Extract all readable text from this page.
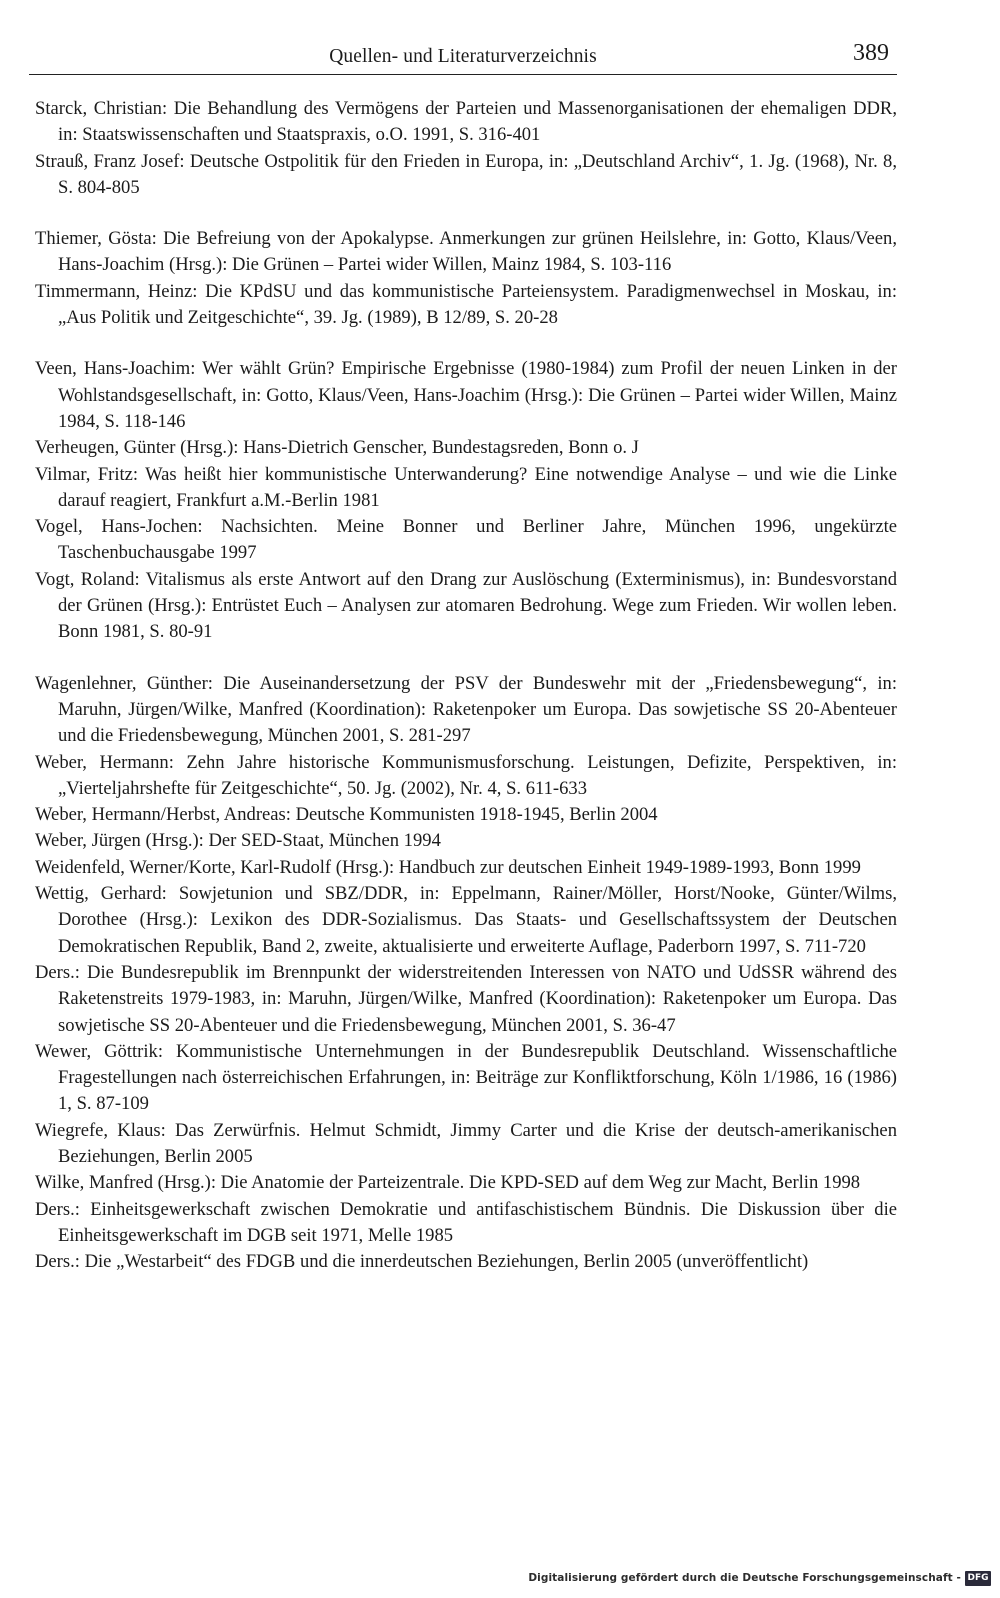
Quellen- und Literaturverzeichnis	389

Starck, Christian: Die Behandlung des Vermögens der Parteien und Massenorganisationen der ehemaligen DDR, in: Staatswissenschaften und Staatspraxis, o.O. 1991, S. 316-401

Strauß, Franz Josef: Deutsche Ostpolitik für den Frieden in Europa, in: „Deutschland Archiv“, 1. Jg. (1968), Nr. 8, S. 804-805

Thiemer, Gösta: Die Befreiung von der Apokalypse. Anmerkungen zur grünen Heilslehre, in: Gotto, Klaus/Veen, Hans-Joachim (Hrsg.): Die Grünen – Partei wider Willen, Mainz 1984, S. 103-116

Timmermann, Heinz: Die KPdSU und das kommunistische Parteiensystem. Paradigmenwechsel in Moskau, in: „Aus Politik und Zeitgeschichte“, 39. Jg. (1989), B 12/89, S. 20-28

Veen, Hans-Joachim: Wer wählt Grün? Empirische Ergebnisse (1980-1984) zum Profil der neuen Linken in der Wohlstandsgesellschaft, in: Gotto, Klaus/Veen, Hans-Joachim (Hrsg.): Die Grünen – Partei wider Willen, Mainz 1984, S. 118-146

Verheugen, Günter (Hrsg.): Hans-Dietrich Genscher, Bundestagsreden, Bonn o. J

Vilmar, Fritz: Was heißt hier kommunistische Unterwanderung? Eine notwendige Analyse – und wie die Linke darauf reagiert, Frankfurt a.M.-Berlin 1981

Vogel, Hans-Jochen: Nachsichten. Meine Bonner und Berliner Jahre, München 1996, ungekürzte Taschenbuchausgabe 1997

Vogt, Roland: Vitalismus als erste Antwort auf den Drang zur Auslöschung (Exterminismus), in: Bundesvorstand der Grünen (Hrsg.): Entrüstet Euch – Analysen zur atomaren Bedrohung. Wege zum Frieden. Wir wollen leben. Bonn 1981, S. 80-91

Wagenlehner, Günther: Die Auseinandersetzung der PSV der Bundeswehr mit der „Friedensbewegung“, in: Maruhn, Jürgen/Wilke, Manfred (Koordination): Raketenpoker um Europa. Das sowjetische SS 20-Abenteuer und die Friedensbewegung, München 2001, S. 281-297

Weber, Hermann: Zehn Jahre historische Kommunismusforschung. Leistungen, Defizite, Perspektiven, in: „Vierteljahrshefte für Zeitgeschichte“, 50. Jg. (2002), Nr. 4, S. 611-633

Weber, Hermann/Herbst, Andreas: Deutsche Kommunisten 1918-1945, Berlin 2004

Weber, Jürgen (Hrsg.): Der SED-Staat, München 1994

Weidenfeld, Werner/Korte, Karl-Rudolf (Hrsg.): Handbuch zur deutschen Einheit 1949-1989-1993, Bonn 1999

Wettig, Gerhard: Sowjetunion und SBZ/DDR, in: Eppelmann, Rainer/Möller, Horst/Nooke, Günter/Wilms, Dorothee (Hrsg.): Lexikon des DDR-Sozialismus. Das Staats- und Gesellschaftssystem der Deutschen Demokratischen Republik, Band 2, zweite, aktualisierte und erweiterte Auflage, Paderborn 1997, S. 711-720

Ders.: Die Bundesrepublik im Brennpunkt der widerstreitenden Interessen von NATO und UdSSR während des Raketenstreits 1979-1983, in: Maruhn, Jürgen/Wilke, Manfred (Koordination): Raketenpoker um Europa. Das sowjetische SS 20-Abenteuer und die Friedensbewegung, München 2001, S. 36-47

Wewer, Göttrik: Kommunistische Unternehmungen in der Bundesrepublik Deutschland. Wissenschaftliche Fragestellungen nach österreichischen Erfahrungen, in: Beiträge zur Konfliktforschung, Köln 1/1986, 16 (1986) 1, S. 87-109

Wiegrefe, Klaus: Das Zerwürfnis. Helmut Schmidt, Jimmy Carter und die Krise der deutsch-amerikanischen Beziehungen, Berlin 2005

Wilke, Manfred (Hrsg.): Die Anatomie der Parteizentrale. Die KPD-SED auf dem Weg zur Macht, Berlin 1998

Ders.: Einheitsgewerkschaft zwischen Demokratie und antifaschistischem Bündnis. Die Diskussion über die Einheitsgewerkschaft im DGB seit 1971, Melle 1985

Ders.: Die „Westarbeit“ des FDGB und die innerdeutschen Beziehungen, Berlin 2005 (unveröffentlicht)

Digitalisierung gefördert durch die Deutsche Forschungsgemeinschaft - DFG
